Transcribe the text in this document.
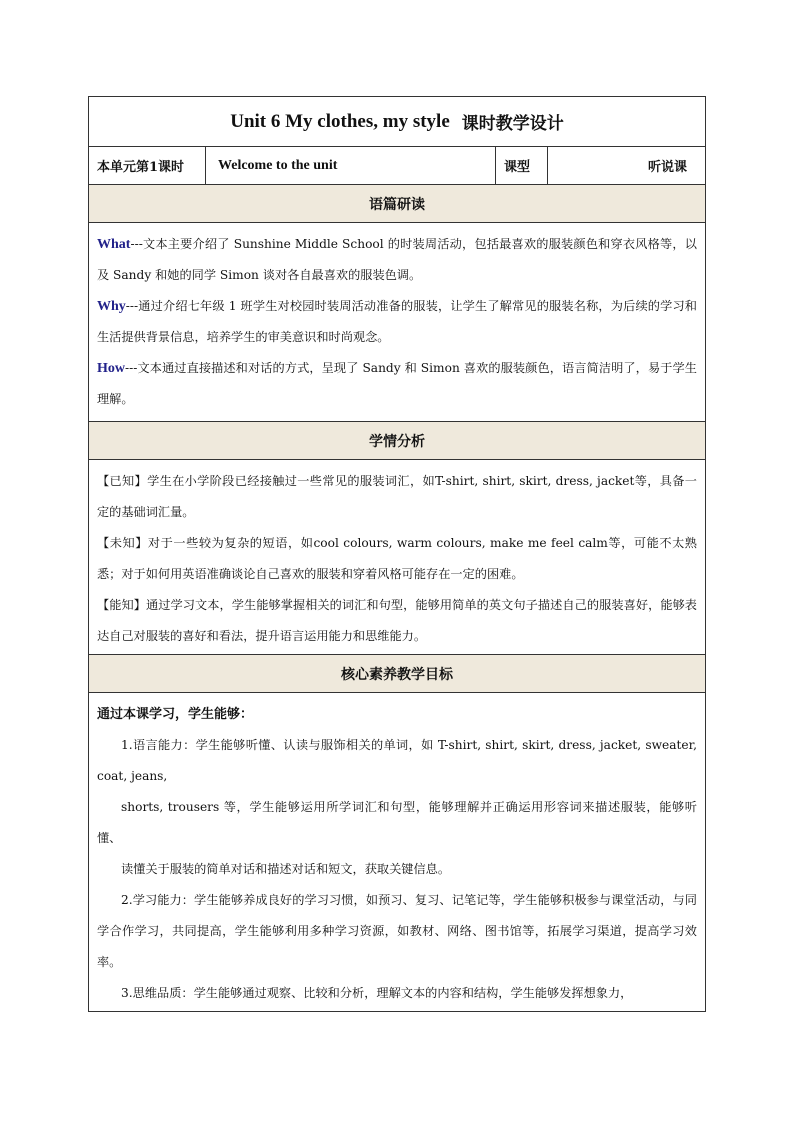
Unit 6 My clothes, my style 课时教学设计
本单元第1课时	Welcome to the unit	课型	听说课
语篇研读

What---文本主要介绍了 Sunshine Middle School 的时装周活动，包括最喜欢的服装颜色和穿衣风格等，以及 Sandy 和她的同学 Simon 谈对各自最喜欢的服装色调。

Why---通过介绍七年级 1 班学生对校园时装周活动准备的服装，让学生了解常见的服装名称，为后续的学习和生活提供背景信息，培养学生的审美意识和时尚观念。

How---文本通过直接描述和对话的方式，呈现了 Sandy 和 Simon 喜欢的服装颜色，语言简洁明了，易于学生理解。

学情分析

【已知】学生在小学阶段已经接触过一些常见的服装词汇，如T-shirt, shirt, skirt, dress, jacket等，具备一定的基础词汇量。

【未知】对于一些较为复杂的短语，如cool colours, warm colours, make me feel calm等，可能不太熟悉；对于如何用英语准确谈论自己喜欢的服装和穿着风格可能存在一定的困难。

【能知】通过学习文本，学生能够掌握相关的词汇和句型，能够用简单的英文句子描述自己的服装喜好，能够表达自己对服装的喜好和看法，提升语言运用能力和思维能力。

核心素养教学目标

通过本课学习，学生能够：

1.语言能力：学生能够听懂、认读与服饰相关的单词，如 T-shirt, shirt, skirt, dress, jacket, sweater, coat, jeans,

shorts, trousers 等，学生能够运用所学词汇和句型，能够理解并正确运用形容词来描述服装，能够听懂、

读懂关于服装的简单对话和描述对话和短文，获取关键信息。

2.学习能力：学生能够养成良好的学习习惯，如预习、复习、记笔记等，学生能够积极参与课堂活动，与同学合作学习，共同提高，学生能够利用多种学习资源，如教材、网络、图书馆等，拓展学习渠道，提高学习效率。

3.思维品质：学生能够通过观察、比较和分析，理解文本的内容和结构，学生能够发挥想象力，
